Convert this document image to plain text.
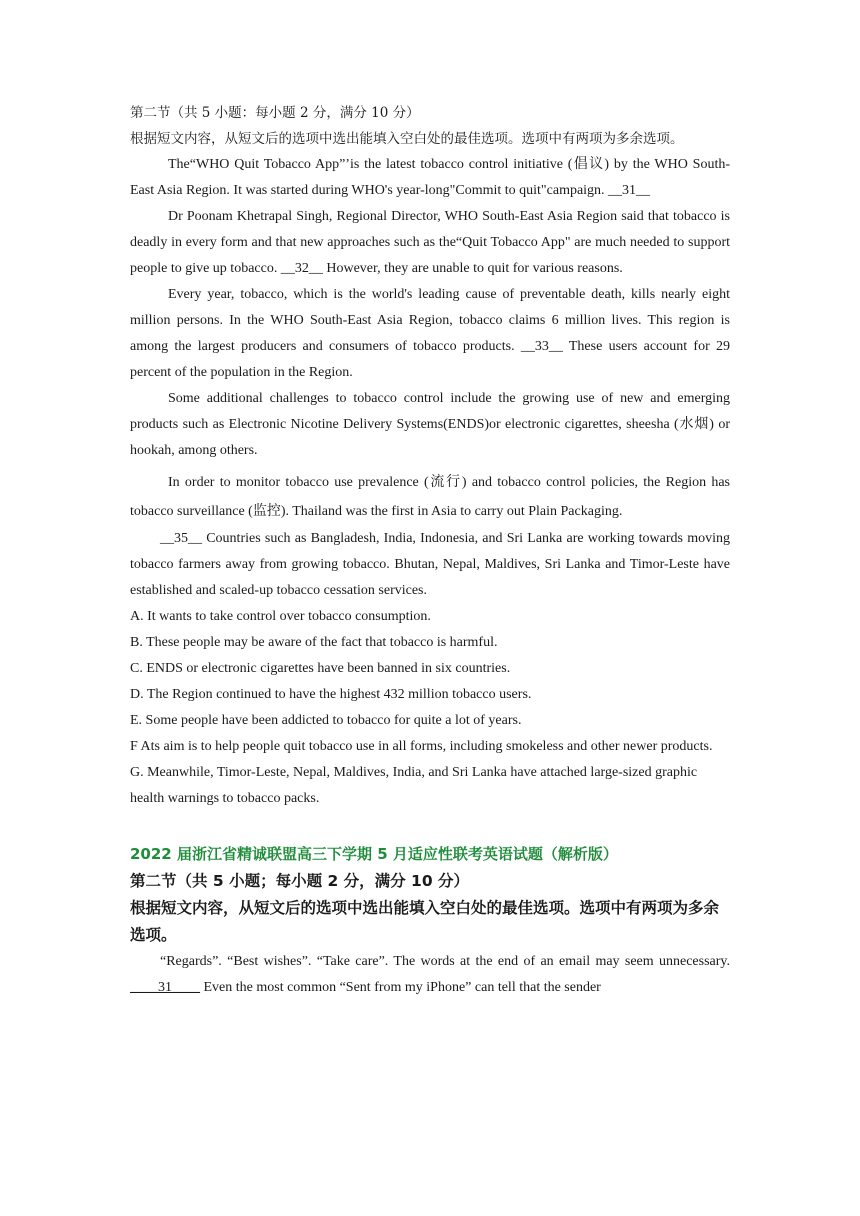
第二节（共 5 小题：每小题 2 分，满分 10 分）

根据短文内容，从短文后的选项中选出能填入空白处的最佳选项。选项中有两项为多余选项。

The“WHO Quit Tobacco App”’is the latest tobacco control initiative (倡议) by the WHO South-East Asia Region. It was started during WHO's year-long"Commit to quit"campaign. __31__

Dr Poonam Khetrapal Singh, Regional Director, WHO South-East Asia Region said that tobacco is deadly in every form and that new approaches such as the“Quit Tobacco App" are much needed to support people to give up tobacco. __32__ However, they are unable to quit for various reasons.

Every year, tobacco, which is the world's leading cause of preventable death, kills nearly eight million persons. In the WHO South-East Asia Region, tobacco claims 6 million lives. This region is among the largest producers and consumers of tobacco products. __33__ These users account for 29 percent of the population in the Region.

Some additional challenges to tobacco control include the growing use of new and emerging products such as Electronic Nicotine Delivery Systems(ENDS)or electronic cigarettes, sheesha (水烟) or hookah, among others.

In order to monitor tobacco use prevalence (流行) and tobacco control policies, the Region has tobacco surveillance (监控). Thailand was the first in Asia to carry out Plain Packaging.

__35__ Countries such as Bangladesh, India, Indonesia, and Sri Lanka are working towards moving tobacco farmers away from growing tobacco. Bhutan, Nepal, Maldives, Sri Lanka and Timor-Leste have established and scaled-up tobacco cessation services.

A. It wants to take control over tobacco consumption.

B. These people may be aware of the fact that tobacco is harmful.

C. ENDS or electronic cigarettes have been banned in six countries.

D. The Region continued to have the highest 432 million tobacco users.

E. Some people have been addicted to tobacco for quite a lot of years.

F Ats aim is to help people quit tobacco use in all forms, including smokeless and other newer products.

G. Meanwhile, Timor-Leste, Nepal, Maldives, India, and Sri Lanka have attached large-sized graphic health warnings to tobacco packs.

2022 届浙江省精诚联盟高三下学期 5 月适应性联考英语试题（解析版）

第二节（共 5 小题；每小题 2 分，满分 10 分）

根据短文内容，从短文后的选项中选出能填入空白处的最佳选项。选项中有两项为多余选项。

“Regards”. “Best wishes”. “Take care”. The words at the end of an email may seem unnecessary. ____31____ Even the most common “Sent from my iPhone” can tell that the sender
